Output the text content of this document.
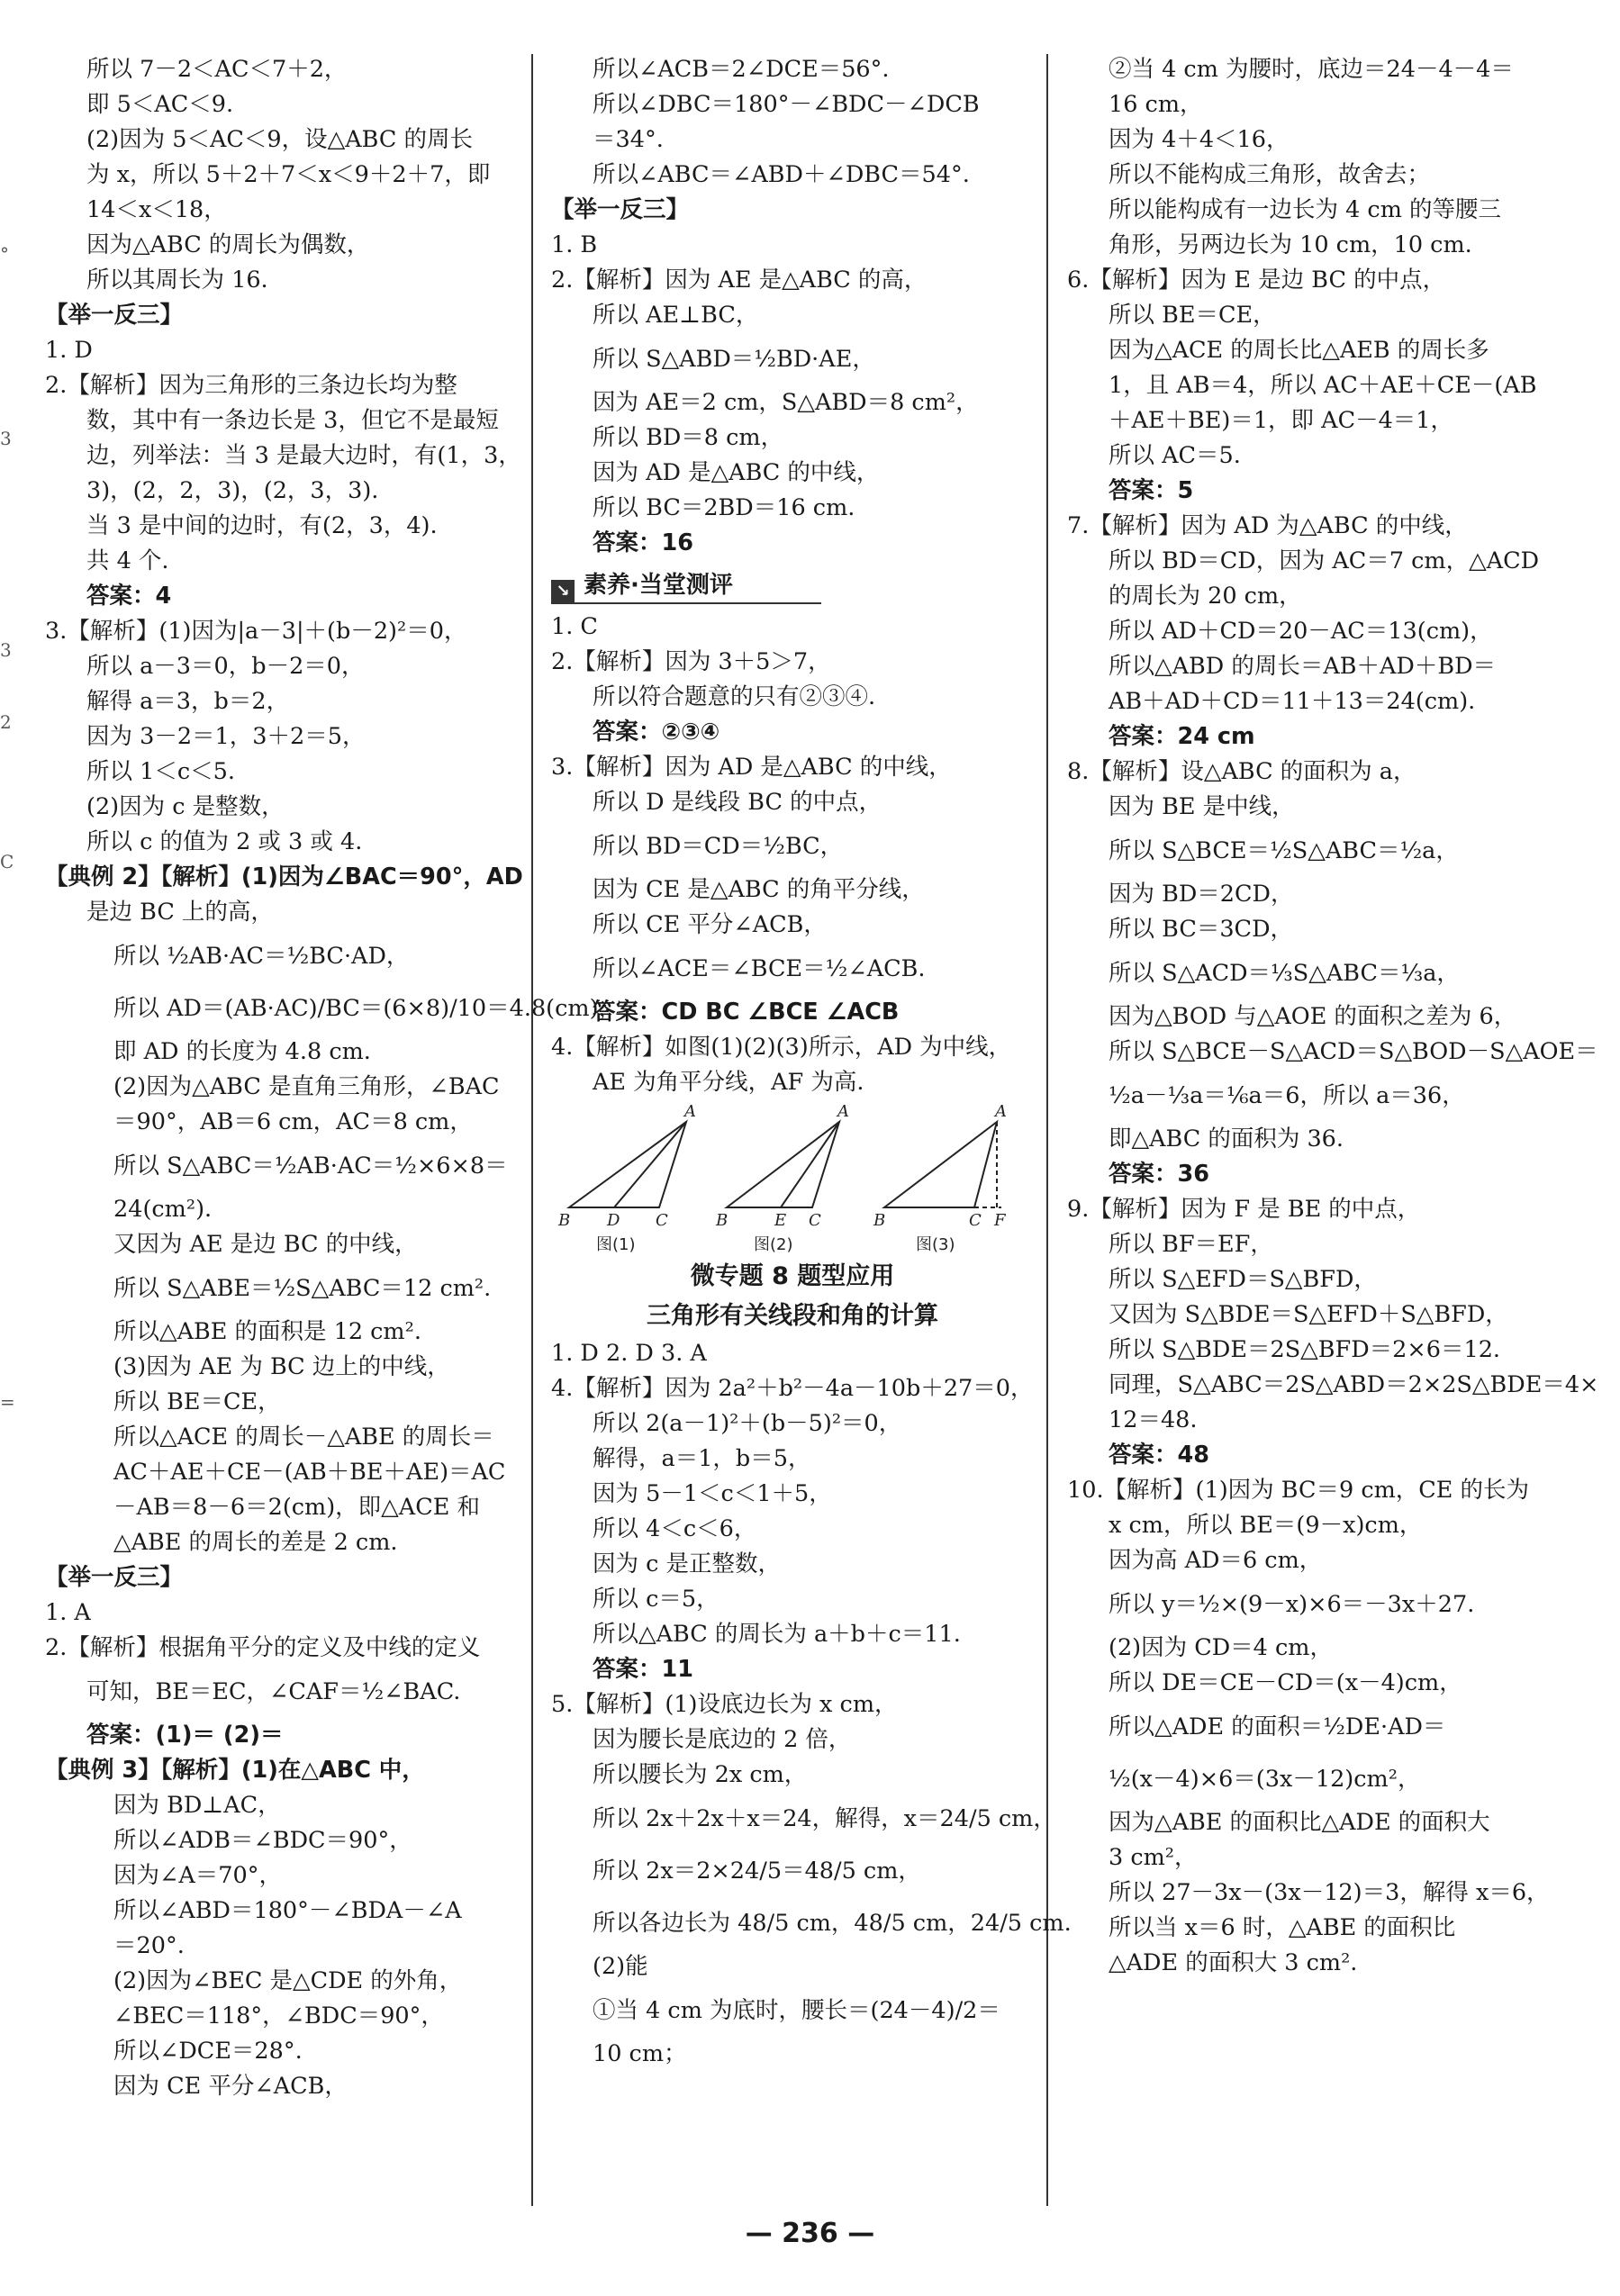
°
3
3
2
C
=
所以 7－2＜AC＜7＋2，
即 5＜AC＜9.
(2)因为 5＜AC＜9，设△ABC 的周长
为 x，所以 5＋2＋7＜x＜9＋2＋7，即
14＜x＜18，
因为△ABC 的周长为偶数，
所以其周长为 16.
【举一反三】
1. D
2.【解析】因为三角形的三条边长均为整
数，其中有一条边长是 3，但它不是最短
边，列举法：当 3 是最大边时，有(1，3，
3)，(2，2，3)，(2，3，3).
当 3 是中间的边时，有(2，3，4).
共 4 个.
答案：4
3.【解析】(1)因为|a－3|＋(b－2)²＝0，
所以 a－3＝0，b－2＝0，
解得 a＝3，b＝2，
因为 3－2＝1，3＋2＝5，
所以 1＜c＜5.
(2)因为 c 是整数，
所以 c 的值为 2 或 3 或 4.
【典例 2】【解析】(1)因为∠BAC＝90°，AD
是边 BC 上的高，
所以 ½AB·AC＝½BC·AD，
所以 AD＝(AB·AC)/BC＝(6×8)/10＝4.8(cm)，
即 AD 的长度为 4.8 cm.
(2)因为△ABC 是直角三角形，∠BAC
＝90°，AB＝6 cm，AC＝8 cm，
所以 S△ABC＝½AB·AC＝½×6×8＝
24(cm²).
又因为 AE 是边 BC 的中线，
所以 S△ABE＝½S△ABC＝12 cm².
所以△ABE 的面积是 12 cm².
(3)因为 AE 为 BC 边上的中线，
所以 BE＝CE，
所以△ACE 的周长－△ABE 的周长＝
AC＋AE＋CE－(AB＋BE＋AE)＝AC
－AB＝8－6＝2(cm)，即△ACE 和
△ABE 的周长的差是 2 cm.
【举一反三】
1. A
2.【解析】根据角平分的定义及中线的定义
可知，BE＝EC，∠CAF＝½∠BAC.
答案：(1)＝ (2)＝
【典例 3】【解析】(1)在△ABC 中，
因为 BD⊥AC，
所以∠ADB＝∠BDC＝90°，
因为∠A＝70°，
所以∠ABD＝180°－∠BDA－∠A
＝20°.
(2)因为∠BEC 是△CDE 的外角，
∠BEC＝118°，∠BDC＝90°，
所以∠DCE＝28°.
因为 CE 平分∠ACB，
所以∠ACB＝2∠DCE＝56°.
所以∠DBC＝180°－∠BDC－∠DCB
＝34°.
所以∠ABC＝∠ABD＋∠DBC＝54°.
【举一反三】
1. B
2.【解析】因为 AE 是△ABC 的高，
所以 AE⊥BC，
所以 S△ABD＝½BD·AE，
因为 AE＝2 cm，S△ABD＝8 cm²，
所以 BD＝8 cm，
因为 AD 是△ABC 的中线，
所以 BC＝2BD＝16 cm.
答案：16
↘ 素养·当堂测评
1. C
2.【解析】因为 3＋5＞7，
所以符合题意的只有②③④.
答案：②③④
3.【解析】因为 AD 是△ABC 的中线，
所以 D 是线段 BC 的中点，
所以 BD＝CD＝½BC，
因为 CE 是△ABC 的角平分线，
所以 CE 平分∠ACB，
所以∠ACE＝∠BCE＝½∠ACB.
答案：CD BC ∠BCE ∠ACB
4.【解析】如图(1)(2)(3)所示，AD 为中线，
AE 为角平分线，AF 为高.
A
B D C
A
B	E C
A
B	C F
图(1)	图(2)	图(3)
微专题 8 题型应用
三角形有关线段和角的计算
1. D 2. D 3. A
4.【解析】因为 2a²＋b²－4a－10b＋27＝0，
所以 2(a－1)²＋(b－5)²＝0，
解得，a＝1，b＝5，
因为 5－1＜c＜1＋5，
所以 4＜c＜6，
因为 c 是正整数，
所以 c＝5，
所以△ABC 的周长为 a＋b＋c＝11.
答案：11
5.【解析】(1)设底边长为 x cm，
因为腰长是底边的 2 倍，
所以腰长为 2x cm，
所以 2x＋2x＋x＝24，解得，x＝24/5 cm，
所以 2x＝2×24/5＝48/5 cm，
所以各边长为 48/5 cm，48/5 cm，24/5 cm.
(2)能
①当 4 cm 为底时，腰长＝(24－4)/2＝
10 cm；
②当 4 cm 为腰时，底边＝24－4－4＝
16 cm，
因为 4＋4＜16，
所以不能构成三角形，故舍去；
所以能构成有一边长为 4 cm 的等腰三
角形，另两边长为 10 cm，10 cm.
6.【解析】因为 E 是边 BC 的中点，
所以 BE＝CE，
因为△ACE 的周长比△AEB 的周长多
1，且 AB＝4，所以 AC＋AE＋CE－(AB
＋AE＋BE)＝1，即 AC－4＝1，
所以 AC＝5.
答案：5
7.【解析】因为 AD 为△ABC 的中线，
所以 BD＝CD，因为 AC＝7 cm，△ACD
的周长为 20 cm，
所以 AD＋CD＝20－AC＝13(cm)，
所以△ABD 的周长＝AB＋AD＋BD＝
AB＋AD＋CD＝11＋13＝24(cm).
答案：24 cm
8.【解析】设△ABC 的面积为 a，
因为 BE 是中线，
所以 S△BCE＝½S△ABC＝½a，
因为 BD＝2CD，
所以 BC＝3CD，
所以 S△ACD＝⅓S△ABC＝⅓a，
因为△BOD 与△AOE 的面积之差为 6，
所以 S△BCE－S△ACD＝S△BOD－S△AOE＝
½a－⅓a＝⅙a＝6，所以 a＝36，
即△ABC 的面积为 36.
答案：36
9.【解析】因为 F 是 BE 的中点，
所以 BF＝EF，
所以 S△EFD＝S△BFD，
又因为 S△BDE＝S△EFD＋S△BFD，
所以 S△BDE＝2S△BFD＝2×6＝12.
同理，S△ABC＝2S△ABD＝2×2S△BDE＝4×
12＝48.
答案：48
10.【解析】(1)因为 BC＝9 cm，CE 的长为
x cm，所以 BE＝(9－x)cm，
因为高 AD＝6 cm，
所以 y＝½×(9－x)×6＝－3x＋27.
(2)因为 CD＝4 cm，
所以 DE＝CE－CD＝(x－4)cm，
所以△ADE 的面积＝½DE·AD＝
½(x－4)×6＝(3x－12)cm²，
因为△ABE 的面积比△ADE 的面积大
3 cm²，
所以 27－3x－(3x－12)＝3，解得 x＝6，
所以当 x＝6 时，△ABE 的面积比
△ADE 的面积大 3 cm².
— 236 —
